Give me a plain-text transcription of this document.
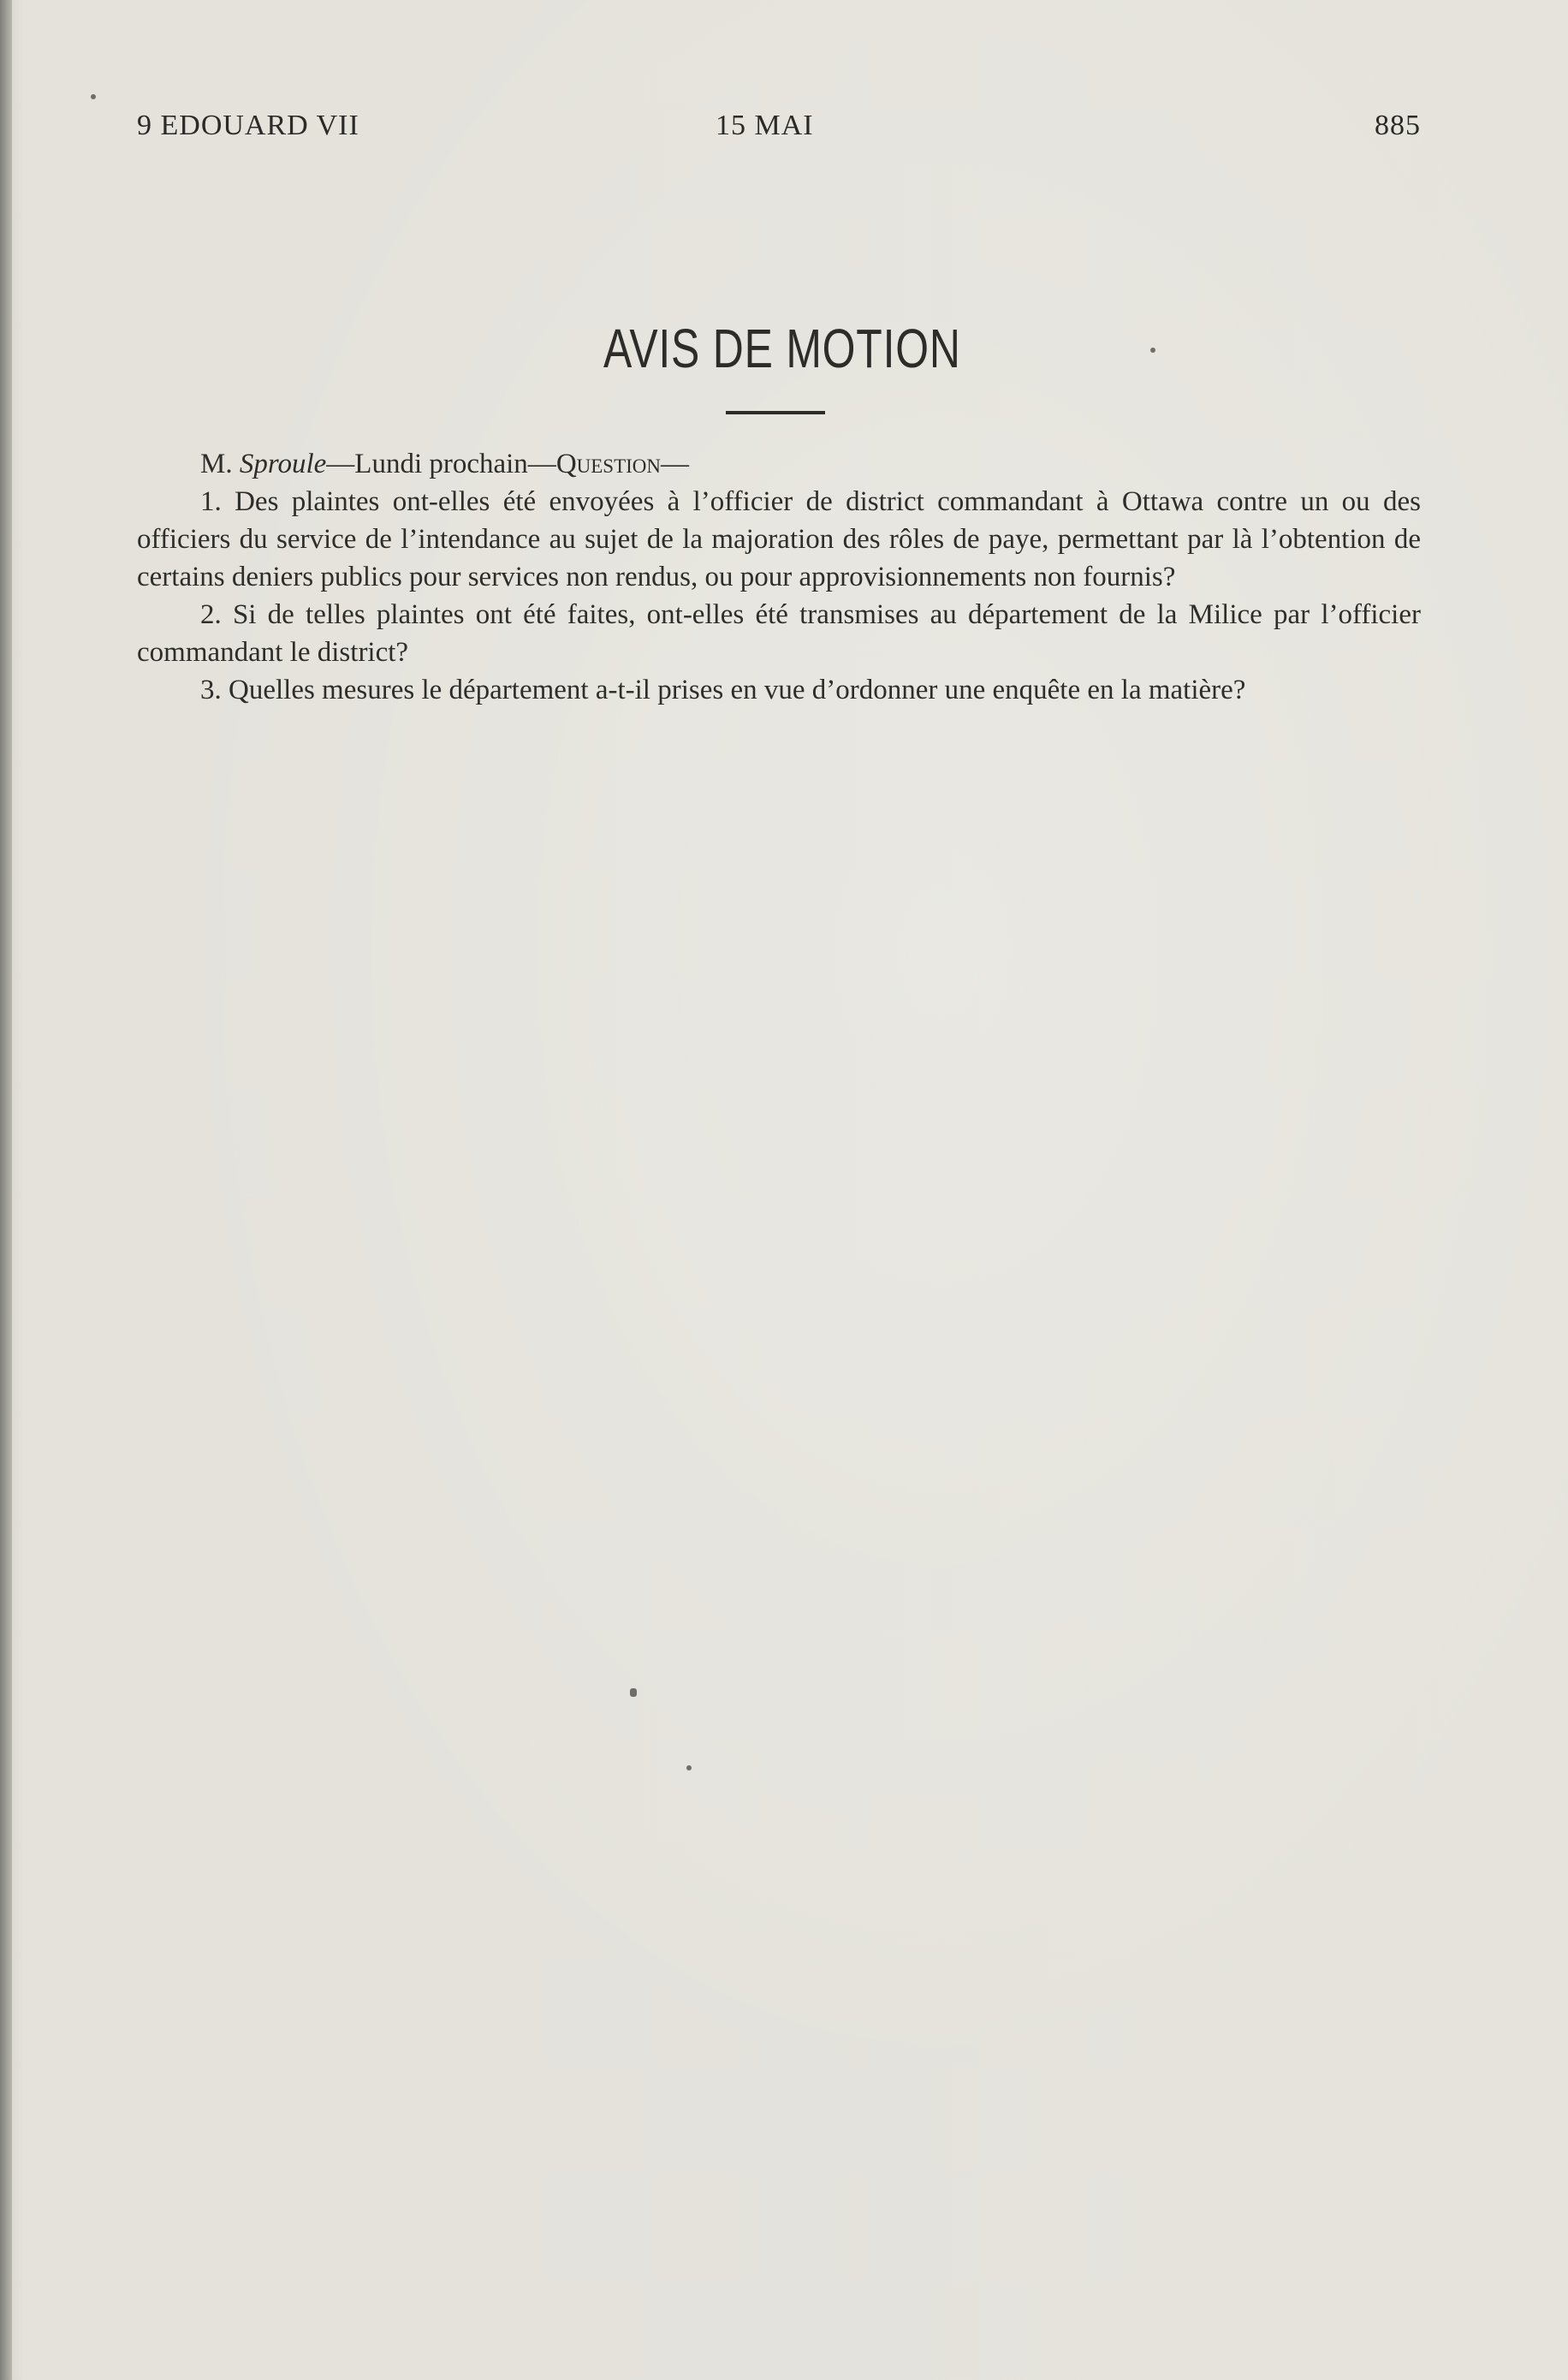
9 EDOUARD VII	15 MAI	885
AVIS DE MOTION

M. Sproule—Lundi prochain—Question—

1. Des plaintes ont-elles été envoyées à l’officier de district commandant à Ottawa contre un ou des officiers du service de l’intendance au sujet de la majoration des rôles de paye, permettant par là l’obtention de certains deniers publics pour services non rendus, ou pour approvisionnements non fournis?

2. Si de telles plaintes ont été faites, ont-elles été transmises au département de la Milice par l’officier commandant le district?

3. Quelles mesures le département a-t-il prises en vue d’ordonner une enquête en la matière?
